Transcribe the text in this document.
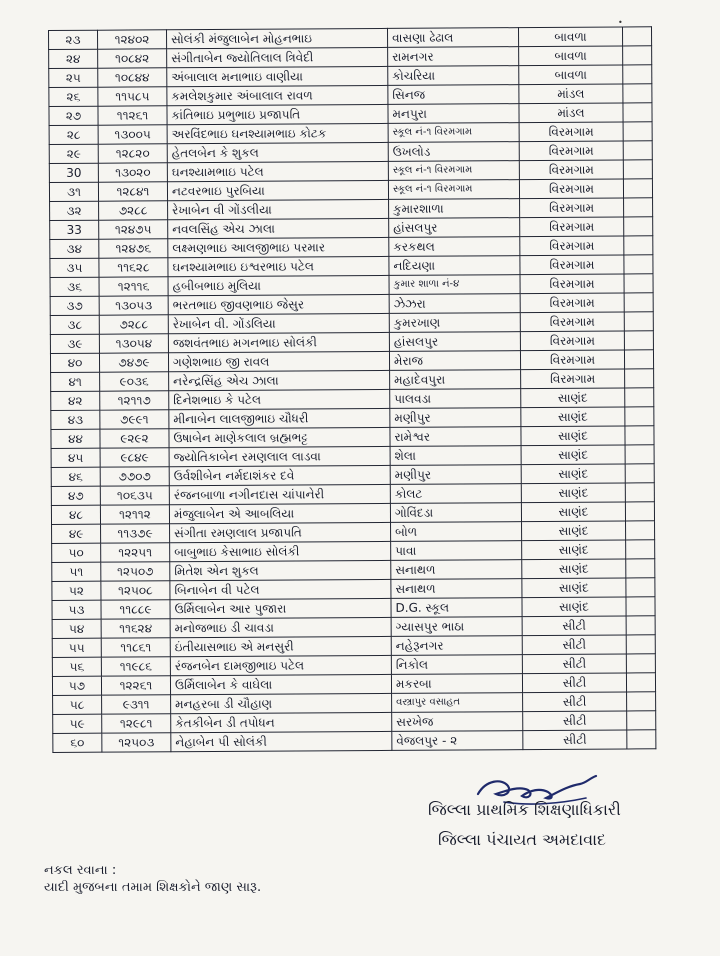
•
૨૩	૧૨૪૦૨	સોલંકી મંજુલાબેન મોહનભાઇ	વાસણા ઢેઢાલ	બાવળા	
૨૪	૧૦૮૪૨	સંગીતાબેન જ્યોતિલાલ ત્રિવેદી	રામનગર	બાવળા	
૨૫	૧૦૮૪૪	અંબાલાલ મનાભાઇ વાણીયા	કોચરિયા	બાવળા	
૨૬	૧૧૫૮૫	કમલેશકુમાર અંબાલાલ રાવળ	સિનજ	માંડલ	
૨૭	૧૧૨૬૧	કાંતિભાઇ પ્રભુભાઇ પ્રજાપતિ	મનપુરા	માંડલ	
૨૮	૧૩૦૦૫	અરવિંદભાઇ ઘનશ્યામભાઇ કોટક	સ્કૂલ નં-૧ વિરમગામ	વિરમગામ	
૨૯	૧૨૮૨૦	હેતલબેન કે શુકલ	ઉખલોડ	વિરમગામ	
30	૧૩૦૨૦	ઘનશ્યામભાઇ પટેલ	સ્કૂલ નં-૧ વિરમગામ	વિરમગામ	
૩૧	૧૨૮૪૧	નટવરભાઇ પુરબિયા	સ્કૂલ નં-૧ વિરમગામ	વિરમગામ	
૩૨	૭૨૮૮	રેખાબેન વી ગોંડલીયા	કુમારશાળા	વિરમગામ	
33	૧૨૪૭૫	નવલસિંહ એચ ઝાલા	હાંસલપુર	વિરમગામ	
૩૪	૧૨૪૭૬	લક્ષ્મણભાઇ આલજીભાઇ પરમાર	કરકથલ	વિરમગામ	
૩૫	૧૧૬૨૮	ઘનશ્યામભાઇ ઇશ્વરભાઇ પટેલ	નદિયણા	વિરમગામ	
૩૬	૧૨૧૧૬	હબીબભાઇ મુલિયા	કુમાર શાળા નં-૪	વિરમગામ	
૩૭	૧૩૦૫૩	ભરતભાઇ જીવણભાઇ જેસુર	ઝેઝરા	વિરમગામ	
૩૮	૭૨૮૮	રેખાબેન વી. ગોંડલિયા	કુમરખાણ	વિરમગામ	
૩૯	૧૩૦૫૪	જશવંતભાઇ મગનભાઇ સોલંકી	હાંસલપુર	વિરમગામ	
૪૦	૭૪૭૯	ગણેશભાઇ જી રાવલ	મેરાજ	વિરમગામ	
૪૧	૯૦૩૬	નરેન્દ્રસિંહ એચ ઝાલા	મહાદેવપુરા	વિરમગામ	
૪૨	૧૨૧૧૭	દિનેશભાઇ કે પટેલ	પાલવડા	સાણંદ	
૪૩	૭૯૯૧	મીનાબેન લાલજીભાઇ ચૌધરી	મણીપુર	સાણંદ	
૪૪	૯૨૯૨	ઉષાબેન માણેકલાલ બ્રહ્મભટ્ટ	રામેશ્વર	સાણંદ	
૪૫	૯૮૪૯	જ્યોતિકાબેન રમણલાલ લાડવા	શેલા	સાણંદ	
૪૬	૭૭૦૭	ઉર્વશીબેન નર્મદાશંકર દવે	મણીપુર	સાણંદ	
૪૭	૧૦૬૩૫	રંજનબાળા નગીનદાસ ચાંપાનેરી	કોલટ	સાણંદ	
૪૮	૧૨૧૧૨	મંજુલાબેન એ આબલિયા	ગોવિંદડા	સાણંદ	
૪૯	૧૧૩૭૯	સંગીતા રમણલાલ પ્રજાપતિ	બોળ	સાણંદ	
૫૦	૧૨૨૫૧	બાબુભાઇ કેસાભાઇ સોલંકી	પાવા	સાણંદ	
૫૧	૧૨૫૦૭	મિતેશ એન શુકલ	સનાથળ	સાણંદ	
૫૨	૧૨૫૦૮	બિનાબેન વી પટેલ	સનાથળ	સાણંદ	
૫૩	૧૧૮૮૯	ઉર્મિલાબેન આર પુજારા	D.G. સ્કૂલ	સાણંદ	
૫૪	૧૧૬૨૪	મનોજભાઇ ડી ચાવડા	ગ્યાસપુર ભાઠા	સીટી	
૫૫	૧૧૮૬૧	ઇંતીયાસભાઇ એ મનસુરી	નહેરૂનગર	સીટી	
૫૬	૧૧૯૮૬	રંજનબેન દામજીભાઇ પટેલ	નિકોલ	સીટી	
૫૭	૧૨૨૬૧	ઉર્મિલાબેન કે વાઘેલા	મકરબા	સીટી	
૫૮	૯૩૧૧	મનહરબા ડી ચૌહાણ	વસ્ત્રાપુર વસાહત	સીટી	
૫૯	૧૨૯૮૧	કેતકીબેન ડી તપોધન	સરખેજ	સીટી	
૬૦	૧૨૫૦૩	નેહાબેન પી સોલંકી	વેજલપુર - ૨	સીટી	
જિલ્લા પ્રાથમિક શિક્ષણાધિકારી
જિલ્લા પંચાયત અમદાવાદ
નકલ રવાના :
યાદી મુજબના તમામ શિક્ષકોને જાણ સારૂ.
